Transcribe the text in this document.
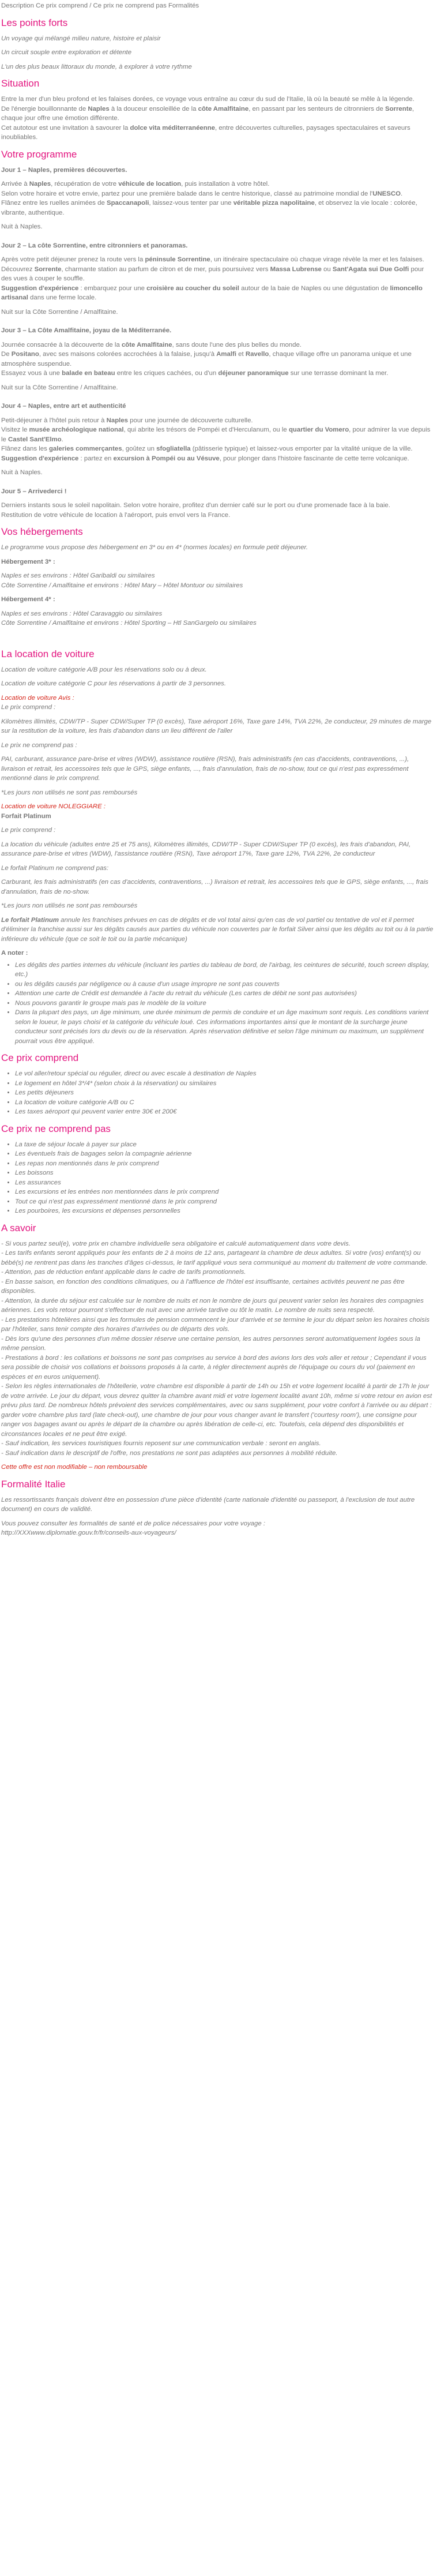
Description Ce prix comprend / Ce prix ne comprend pas Formalités

Les points forts

Un voyage qui mélangé milieu nature, histoire et plaisir

Un circuit souple entre exploration et détente

L'un des plus beaux littoraux du monde, à explorer à votre rythme

Situation

Entre la mer d'un bleu profond et les falaises dorées, ce voyage vous entraîne au cœur du sud de l'Italie, là où la beauté se mêle à la légende.

De l'énergie bouillonnante de Naples à la douceur ensoleillée de la côte Amalfitaine, en passant par les senteurs de citronniers de Sorrente, chaque jour offre une émotion différente.

Cet autotour est une invitation à savourer la dolce vita méditerranéenne, entre découvertes culturelles, paysages spectaculaires et saveurs inoubliables.

Votre programme

Jour 1 – Naples, premières découvertes.

Arrivée à Naples, récupération de votre véhicule de location, puis installation à votre hôtel.

Selon votre horaire et votre envie, partez pour une première balade dans le centre historique, classé au patrimoine mondial de l'UNESCO.

Flânez entre les ruelles animées de Spaccanapoli, laissez-vous tenter par une véritable pizza napolitaine, et observez la vie locale : colorée, vibrante, authentique.

Nuit à Naples.

Jour 2 – La côte Sorrentine, entre citronniers et panoramas.

Après votre petit déjeuner prenez la route vers la péninsule Sorrentine, un itinéraire spectaculaire où chaque virage révèle la mer et les falaises.

Découvrez Sorrente, charmante station au parfum de citron et de mer, puis poursuivez vers Massa Lubrense ou Sant'Agata sui Due Golfi pour des vues à couper le souffle.

Suggestion d'expérience : embarquez pour une croisière au coucher du soleil autour de la baie de Naples ou une dégustation de limoncello artisanal dans une ferme locale.

Nuit sur la Côte Sorrentine / Amalfitaine.

Jour 3 – La Côte Amalfitaine, joyau de la Méditerranée.

Journée consacrée à la découverte de la côte Amalfitaine, sans doute l'une des plus belles du monde.

De Positano, avec ses maisons colorées accrochées à la falaise, jusqu'à Amalfi et Ravello, chaque village offre un panorama unique et une atmosphère suspendue.

Essayez vous à une balade en bateau entre les criques cachées, ou d'un déjeuner panoramique sur une terrasse dominant la mer.

Nuit sur la Côte Sorrentine / Amalfitaine.

Jour 4 – Naples, entre art et authenticité

Petit-déjeuner à l'hôtel puis retour à Naples pour une journée de découverte culturelle.

Visitez le musée archéologique national, qui abrite les trésors de Pompéi et d'Herculanum, ou le quartier du Vomero, pour admirer la vue depuis le Castel Sant'Elmo.

Flânez dans les galeries commerçantes, goûtez un sfogliatella (pâtisserie typique) et laissez-vous emporter par la vitalité unique de la ville.

Suggestion d'expérience : partez en excursion à Pompéi ou au Vésuve, pour plonger dans l'histoire fascinante de cette terre volcanique.

Nuit à Naples.

Jour 5 – Arrivederci !

Derniers instants sous le soleil napolitain. Selon votre horaire, profitez d'un dernier café sur le port ou d'une promenade face à la baie.

Restitution de votre véhicule de location à l'aéroport, puis envol vers la France.

Vos hébergements

Le programme vous propose des hébergement en 3* ou en 4* (normes locales) en formule petit déjeuner.

Hébergement 3* :

Naples et ses environs : Hôtel Garibaldi ou similaires

Côte Sorrentine / Amalfitaine et environs : Hôtel Mary – Hôtel Montuor ou similaires

Hébergement 4* :

Naples et ses environs : Hôtel Caravaggio ou similaires

Côte Sorrentine / Amalfitaine et environs : Hôtel Sporting – Htl SanGargelo ou similaires

La location de voiture

Location de voiture catégorie A/B pour les réservations solo ou à deux.

Location de voiture catégorie C pour les réservations à partir de 3 personnes.

Location de voiture Avis :

Le prix comprend :

Kilomètres illimités, CDW/TP - Super CDW/Super TP (0 excès), Taxe aéroport 16%, Taxe gare 14%, TVA 22%, 2e conducteur, 29 minutes de marge sur la restitution de la voiture, les frais d'abandon dans un lieu différent de l'aller

Le prix ne comprend pas :

PAI, carburant, assurance pare-brise et vitres (WDW), assistance routière (RSN), frais administratifs (en cas d'accidents, contraventions, ...), livraison et retrait, les accessoires tels que le GPS, siège enfants, ..., frais d'annulation, frais de no-show, tout ce qui n'est pas expressément mentionné dans le prix comprend.

*Les jours non utilisés ne sont pas remboursés

Location de voiture NOLEGGIARE :

Forfait Platinum

Le prix comprend :

La location du véhicule (adultes entre 25 et 75 ans), Kilomètres illimités, CDW/TP - Super CDW/Super TP (0 excès), les frais d'abandon, PAI, assurance pare-brise et vitres (WDW), l'assistance routière (RSN), Taxe aéroport 17%, Taxe gare 12%, TVA 22%, 2e conducteur

Le forfait Platinum ne comprend pas:

Carburant, les frais administratifs (en cas d'accidents, contraventions, ...) livraison et retrait, les accessoires tels que le GPS, siège enfants, ..., frais d'annulation, frais de no-show.

*Les jours non utilisés ne sont pas remboursés

Le forfait Platinum annule les franchises prévues en cas de dégâts et de vol total ainsi qu'en cas de vol partiel ou tentative de vol et il permet d'éliminer la franchise aussi sur les dégâts causés aux parties du véhicule non couvertes par le forfait Silver ainsi que les dégâts au toit ou à la partie inférieure du véhicule (que ce soit le toit ou la partie mécanique)

A noter :

• Les dégâts des parties internes du véhicule (incluant les parties du tableau de bord, de l'airbag, les ceintures de sécurité, touch screen display, etc.)
• ou les dégâts causés par négligence ou à cause d'un usage impropre ne sont pas couverts
• Attention une carte de Crédit est demandée à l'acte du retrait du véhicule (Les cartes de débit ne sont pas autorisées)
• Nous pouvons garantir le groupe mais pas le modèle de la voiture
• Dans la plupart des pays, un âge minimum, une durée minimum de permis de conduire et un âge maximum sont requis. Les conditions varient selon le loueur, le pays choisi et la catégorie du véhicule loué. Ces informations importantes ainsi que le montant de la surcharge jeune conducteur sont précisés lors du devis ou de la réservation. Après réservation définitive et selon l'âge minimum ou maximum, un supplément pourrait vous être appliqué.
Ce prix comprend
• Le vol aller/retour spécial ou régulier, direct ou avec escale à destination de Naples
• Le logement en hôtel 3*/4* (selon choix à la réservation) ou similaires
• Les petits déjeuners
• La location de voiture catégorie A/B ou C
• Les taxes aéroport qui peuvent varier entre 30€ et 200€
Ce prix ne comprend pas
• La taxe de séjour locale à payer sur place
• Les éventuels frais de bagages selon la compagnie aérienne
• Les repas non mentionnés dans le prix comprend
• Les boissons
• Les assurances
• Les excursions et les entrées non mentionnées dans le prix comprend
• Tout ce qui n'est pas expressément mentionné dans le prix comprend
• Les pourboires, les excursions et dépenses personnelles
A savoir

- Si vous partez seul(e), votre prix en chambre individuelle sera obligatoire et calculé automatiquement dans votre devis.

- Les tarifs enfants seront appliqués pour les enfants de 2 à moins de 12 ans, partageant la chambre de deux adultes. Si votre (vos) enfant(s) ou bébé(s) ne rentrent pas dans les tranches d'âges ci-dessus, le tarif appliqué vous sera communiqué au moment du traitement de votre commande.

- Attention, pas de réduction enfant applicable dans le cadre de tarifs promotionnels.

- En basse saison, en fonction des conditions climatiques, ou à l'affluence de l'hôtel est insuffisante, certaines activités peuvent ne pas être disponibles.

- Attention, la durée du séjour est calculée sur le nombre de nuits et non le nombre de jours qui peuvent varier selon les horaires des compagnies aériennes. Les vols retour pourront s'effectuer de nuit avec une arrivée tardive ou tôt le matin. Le nombre de nuits sera respecté.

- Les prestations hôtelières ainsi que les formules de pension commencent le jour d'arrivée et se termine le jour du départ selon les horaires choisis par l'hôtelier, sans tenir compte des horaires d'arrivées ou de départs des vols.

- Dès lors qu'une des personnes d'un même dossier réserve une certaine pension, les autres personnes seront automatiquement logées sous la même pension.

- Prestations à bord : les collations et boissons ne sont pas comprises au service à bord des avions lors des vols aller et retour ; Cependant il vous sera possible de choisir vos collations et boissons proposés à la carte, à régler directement auprès de l'équipage ou cours du vol (paiement en espèces et en euros uniquement).

- Selon les règles internationales de l'hôtellerie, votre chambre est disponible à partir de 14h ou 15h et votre logement localité à partir de 17h le jour de votre arrivée. Le jour du départ, vous devrez quitter la chambre avant midi et votre logement localité avant 10h, même si votre retour en avion est prévu plus tard. De nombreux hôtels prévoient des services complémentaires, avec ou sans supplément, pour votre confort à l'arrivée ou au départ : garder votre chambre plus tard (late check-out), une chambre de jour pour vous changer avant le transfert ('courtesy room'), une consigne pour ranger vos bagages avant ou après le départ de la chambre ou après libération de celle-ci, etc. Toutefois, cela dépend des disponibilités et circonstances locales et ne peut être exigé.

- Sauf indication, les services touristiques fournis reposent sur une communication verbale : seront en anglais.

- Sauf indication dans le descriptif de l'offre, nos prestations ne sont pas adaptées aux personnes à mobilité réduite.

Cette offre est non modifiable – non remboursable

Formalité Italie

Les ressortissants français doivent être en possession d'une pièce d'identité (carte nationale d'identité ou passeport, à l'exclusion de tout autre document) en cours de validité.

Vous pouvez consulter les formalités de santé et de police nécessaires pour votre voyage :

http://XXXwww.diplomatie.gouv.fr/fr/conseils-aux-voyageurs/
